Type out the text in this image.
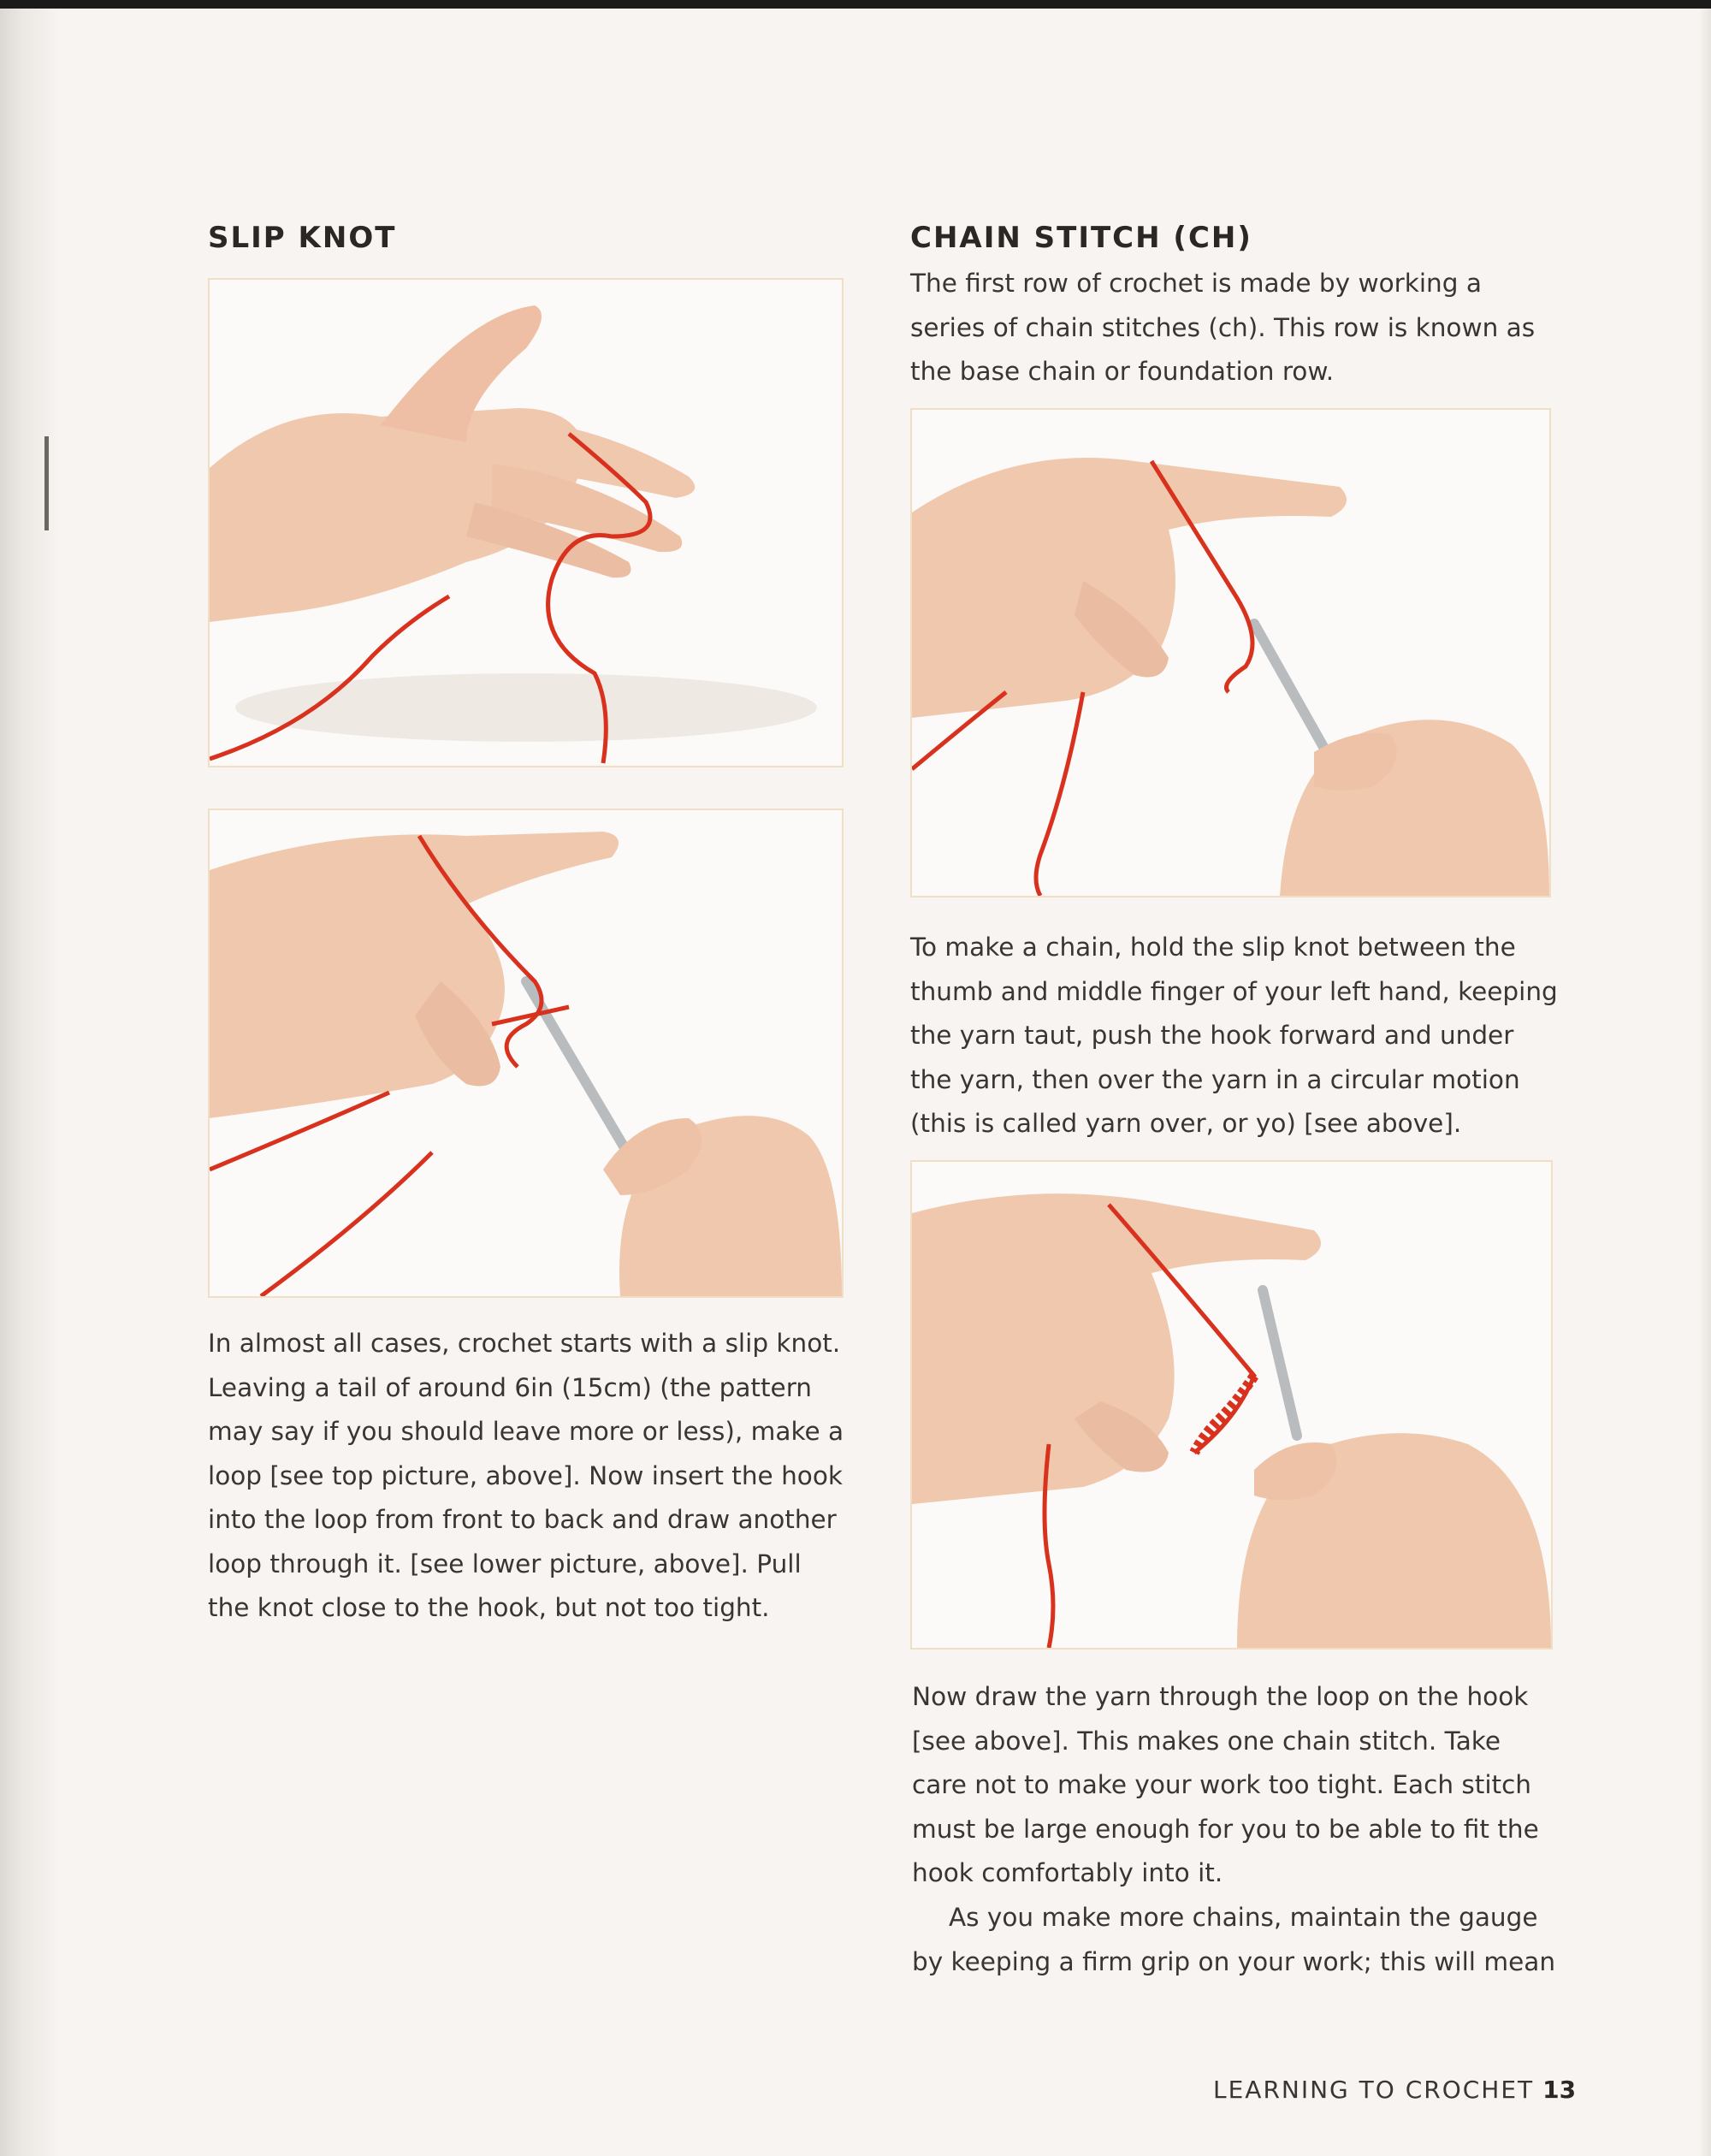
SLIP KNOT

In almost all cases, crochet starts with a slip knot. Leaving a tail of around 6in (15cm) (the pattern may say if you should leave more or less), make a loop [see top picture, above]. Now insert the hook into the loop from front to back and draw another loop through it. [see lower picture, above]. Pull the knot close to the hook, but not too tight.

CHAIN STITCH (CH)

The first row of crochet is made by working a series of chain stitches (ch). This row is known as the base chain or foundation row.

To make a chain, hold the slip knot between the thumb and middle finger of your left hand, keeping the yarn taut, push the hook forward and under the yarn, then over the yarn in a circular motion (this is called yarn over, or yo) [see above].

Now draw the yarn through the loop on the hook [see above]. This makes one chain stitch. Take care not to make your work too tight. Each stitch must be large enough for you to be able to fit the hook comfortably into it.

As you make more chains, maintain the gauge by keeping a firm grip on your work; this will mean

LEARNING TO CROCHET 13
